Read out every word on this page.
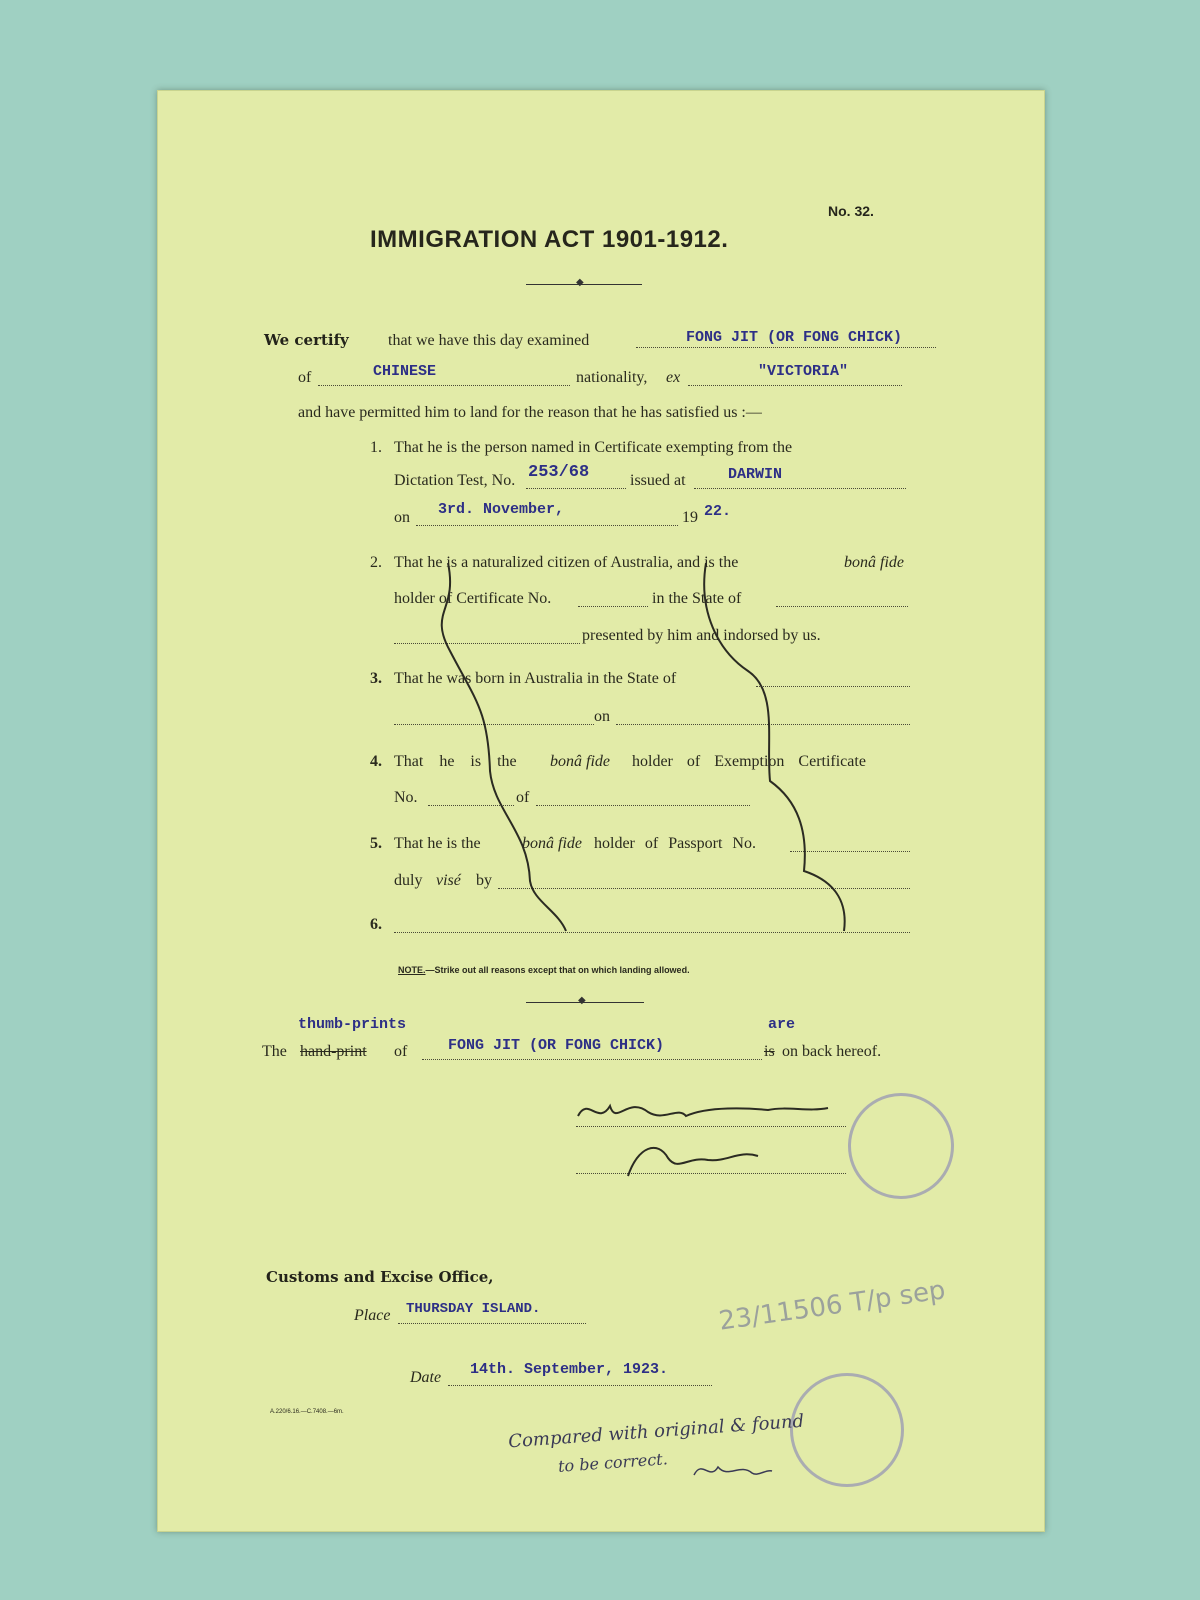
No. 32.
IMMIGRATION ACT 1901-1912.
◆
We certify that we have this day examined	FONG JIT (OR FONG CHICK)
of	CHINESE	nationality, ex	"VICTORIA"
and have permitted him to land for the reason that he has satisfied us :—
1. That he is the person named in Certificate exempting from the
Dictation Test, No. 253/68	issued at	DARWIN
on 3rd. November,	19 22.
2. That he is a naturalized citizen of Australia, and is the	bonâ fide
holder of Certificate No.	in the State of
presented by him and indorsed by us.
3. That he was born in Australia in the State of
on
4. That he is the bonâ fide holder of Exemption Certificate
No.	of
5. That he is the	bonâ fide holder of Passport No.
duly visé by
6.
NOTE.—Strike out all reasons except that on which landing allowed.
◆
thumb-prints	are
The hand-print of	FONG JIT (OR FONG CHICK)	is on back hereof.
Customs and Excise Office,
Place THURSDAY ISLAND.	23/11506 T/p sep
Date 14th. September, 1923.
A.220/6.16.—C.7408.—6m.	Compared with original & found
to be correct.
